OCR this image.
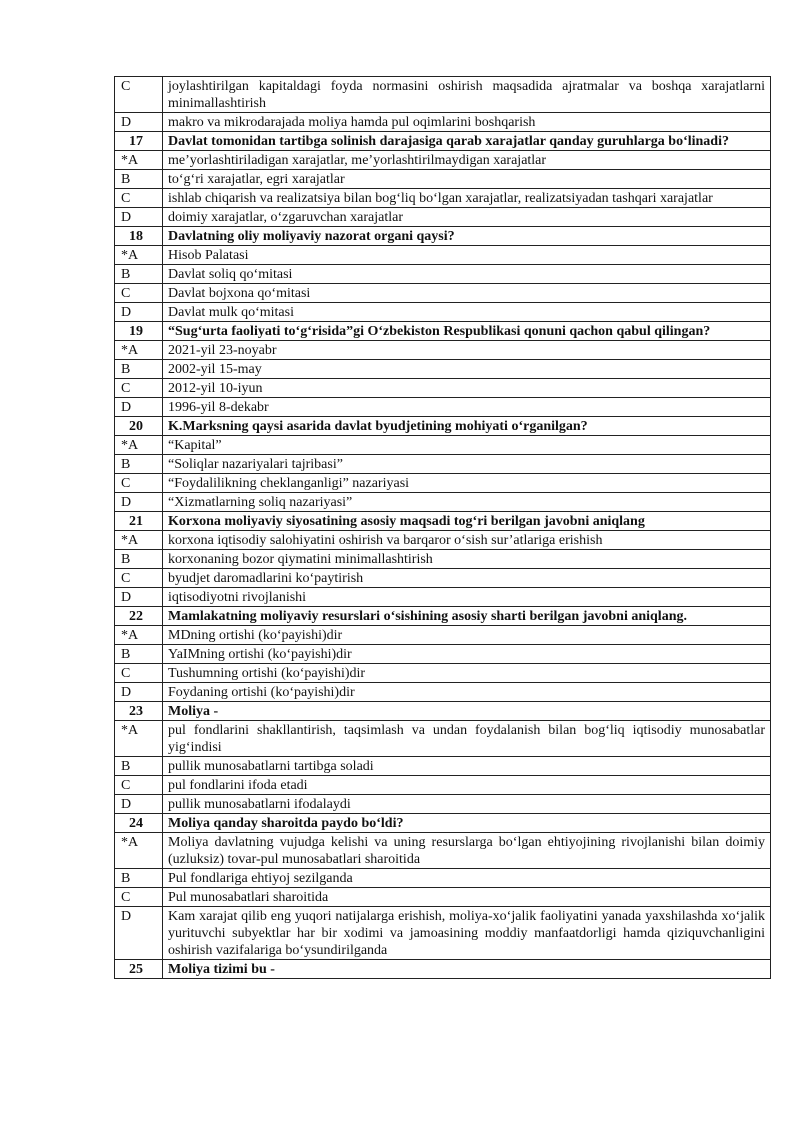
C	joylashtirilgan kapitaldagi foyda normasini oshirish maqsadida ajratmalar va boshqa xarajatlarni minimallashtirish
D	makro va mikrodarajada moliya hamda pul oqimlarini boshqarish
17	Davlat tomonidan tartibga solinish darajasiga qarab xarajatlar qanday guruhlarga bo‘linadi?
*A	me’yorlashtiriladigan xarajatlar, me’yorlashtirilmaydigan xarajatlar
B	to‘g‘ri xarajatlar, egri xarajatlar
C	ishlab chiqarish va realizatsiya bilan bog‘liq bo‘lgan xarajatlar, realizatsiyadan tashqari xarajatlar
D	doimiy xarajatlar, o‘zgaruvchan xarajatlar
18	Davlatning oliy moliyaviy nazorat organi qaysi?
*A	Hisob Palatasi
B	Davlat soliq qo‘mitasi
C	Davlat bojxona qo‘mitasi
D	Davlat mulk qo‘mitasi
19	“Sug‘urta faoliyati to‘g‘risida”gi O‘zbekiston Respublikasi qonuni qachon qabul qilingan?
*A	2021-yil 23-noyabr
B	2002-yil 15-may
C	2012-yil 10-iyun
D	1996-yil 8-dekabr
20	K.Marksning qaysi asarida davlat byudjetining mohiyati oʻrganilgan?
*A	“Kapital”
B	“Soliqlar nazariyalari tajribasi”
C	“Foydalilikning cheklanganligi” nazariyasi
D	“Xizmatlarning soliq nazariyasi”
21	Korxona moliyaviy siyosatining asosiy maqsadi tog‘ri berilgan javobni aniqlang
*A	korxona iqtisodiy salohiyatini oshirish va barqaror o‘sish sur’atlariga erishish
B	korxonaning bozor qiymatini minimallashtirish
C	byudjet daromadlarini ko‘paytirish
D	iqtisodiyotni rivojlanishi
22	Mamlakatning moliyaviy resurslari o‘sishining asosiy sharti berilgan javobni aniqlang.
*A	MDning ortishi (ko‘payishi)dir
B	YaIMning ortishi (ko‘payishi)dir
C	Tushumning ortishi (ko‘payishi)dir
D	Foydaning ortishi (ko‘payishi)dir
23	Moliya -
*A	pul fondlarini shakllantirish, taqsimlash va undan foydalanish bilan bog‘liq iqtisodiy munosabatlar yig‘indisi
B	pullik munosabatlarni tartibga soladi
C	pul fondlarini ifoda etadi
D	pullik munosabatlarni ifodalaydi
24	Moliya qanday sharoitda paydo bo‘ldi?
*A	Moliya davlatning vujudga kelishi va uning resurslarga bo‘lgan ehtiyojining rivojlanishi bilan doimiy (uzluksiz) tovar-pul munosabatlari sharoitida
B	Pul fondlariga ehtiyoj sezilganda
C	Pul munosabatlari sharoitida
D	Kam xarajat qilib eng yuqori natijalarga erishish, moliya-xo‘jalik faoliyatini yanada yaxshilashda xo‘jalik yurituvchi subyektlar har bir xodimi va jamoasining moddiy manfaatdorligi hamda qiziquvchanligini oshirish vazifalariga bo‘ysundirilganda
25	Moliya tizimi bu -
